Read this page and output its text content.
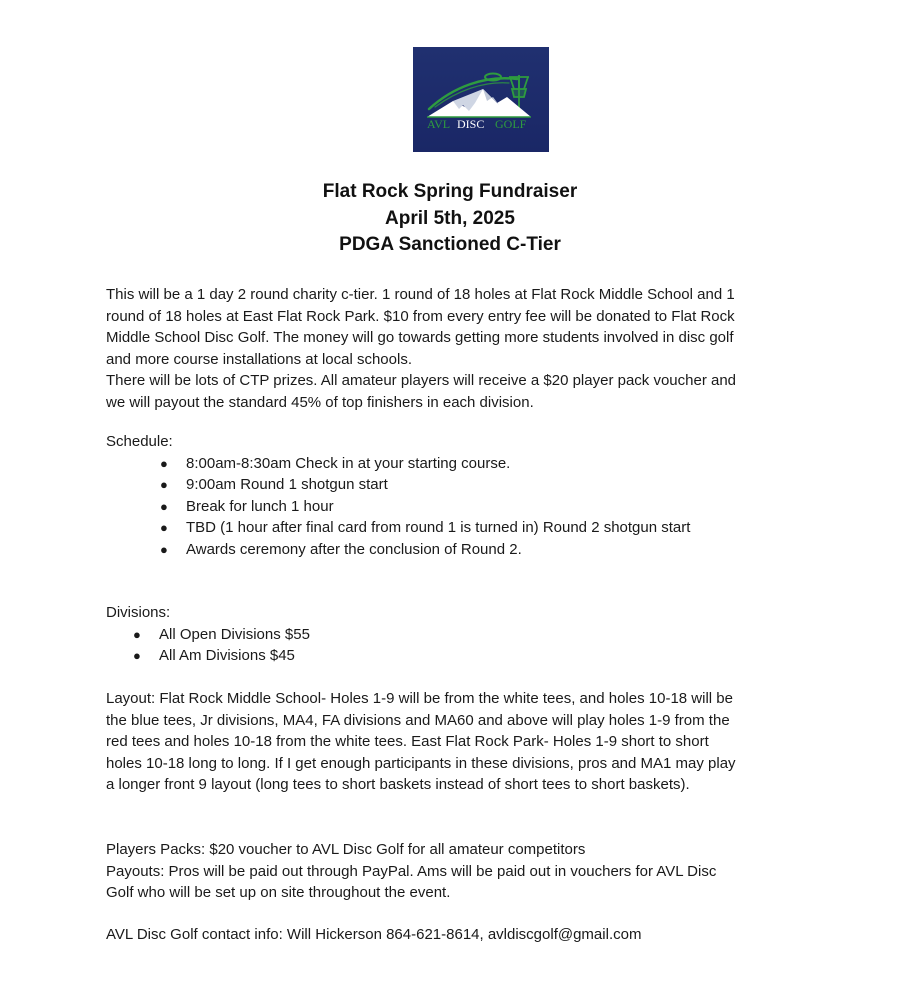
AVL DISC GOLF
Flat Rock Spring Fundraiser
April 5th, 2025
PDGA Sanctioned C-Tier
This will be a 1 day 2 round charity c-tier. 1 round of 18 holes at Flat Rock Middle School and 1
round of 18 holes at East Flat Rock Park. $10 from every entry fee will be donated to Flat Rock
Middle School Disc Golf. The money will go towards getting more students involved in disc golf
and more course installations at local schools.
There will be lots of CTP prizes. All amateur players will receive a $20 player pack voucher and
we will payout the standard 45% of top finishers in each division.
Schedule:
● 8:00am-8:30am Check in at your starting course.
● 9:00am Round 1 shotgun start
● Break for lunch 1 hour
● TBD (1 hour after final card from round 1 is turned in) Round 2 shotgun start
● Awards ceremony after the conclusion of Round 2.
Divisions:
● All Open Divisions $55
● All Am Divisions $45
Layout: Flat Rock Middle School- Holes 1-9 will be from the white tees, and holes 10-18 will be
the blue tees, Jr divisions, MA4, FA divisions and MA60 and above will play holes 1-9 from the
red tees and holes 10-18 from the white tees. East Flat Rock Park- Holes 1-9 short to short
holes 10-18 long to long. If I get enough participants in these divisions, pros and MA1 may play
a longer front 9 layout (long tees to short baskets instead of short tees to short baskets).
Players Packs: $20 voucher to AVL Disc Golf for all amateur competitors
Payouts: Pros will be paid out through PayPal. Ams will be paid out in vouchers for AVL Disc
Golf who will be set up on site throughout the event.
AVL Disc Golf contact info: Will Hickerson 864-621-8614, avldiscgolf@gmail.com
